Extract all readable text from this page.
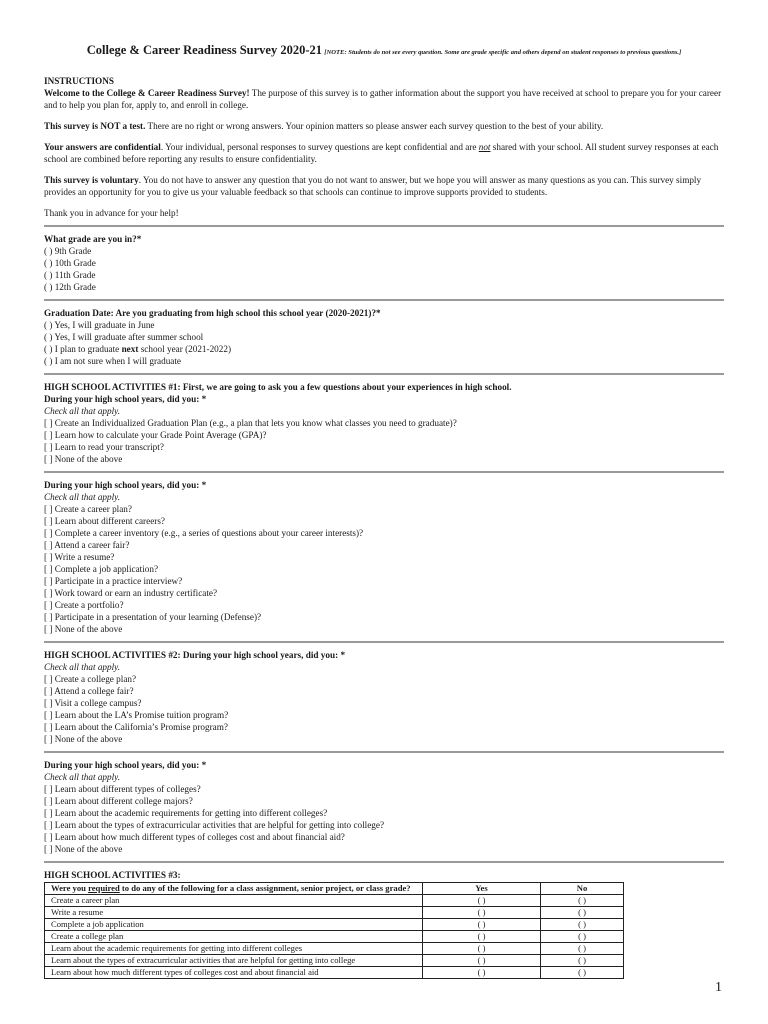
College & Career Readiness Survey 2020-21 [NOTE: Students do not see every question. Some are grade specific and others depend on student responses to previous questions.]
INSTRUCTIONS

Welcome to the College & Career Readiness Survey! The purpose of this survey is to gather information about the support you have received at school to prepare you for your career and to help you plan for, apply to, and enroll in college.

This survey is NOT a test. There are no right or wrong answers. Your opinion matters so please answer each survey question to the best of your ability.

Your answers are confidential. Your individual, personal responses to survey questions are kept confidential and are not shared with your school. All student survey responses at each school are combined before reporting any results to ensure confidentiality.

This survey is voluntary. You do not have to answer any question that you do not want to answer, but we hope you will answer as many questions as you can. This survey simply provides an opportunity for you to give us your valuable feedback so that schools can continue to improve supports provided to students.

Thank you in advance for your help!

What grade are you in?*
( ) 9th Grade
( ) 10th Grade
( ) 11th Grade
( ) 12th Grade
Graduation Date: Are you graduating from high school this school year (2020-2021)?*
( ) Yes, I will graduate in June
( ) Yes, I will graduate after summer school
( ) I plan to graduate next school year (2021-2022)
( ) I am not sure when I will graduate
HIGH SCHOOL ACTIVITIES #1: First, we are going to ask you a few questions about your experiences in high school.
During your high school years, did you: *
Check all that apply.
[ ] Create an Individualized Graduation Plan (e.g., a plan that lets you know what classes you need to graduate)?
[ ] Learn how to calculate your Grade Point Average (GPA)?
[ ] Learn to read your transcript?
[ ] None of the above
During your high school years, did you: *
Check all that apply.
[ ] Create a career plan?
[ ] Learn about different careers?
[ ] Complete a career inventory (e.g., a series of questions about your career interests)?
[ ] Attend a career fair?
[ ] Write a resume?
[ ] Complete a job application?
[ ] Participate in a practice interview?
[ ] Work toward or earn an industry certificate?
[ ] Create a portfolio?
[ ] Participate in a presentation of your learning (Defense)?
[ ] None of the above
HIGH SCHOOL ACTIVITIES #2: During your high school years, did you: *
Check all that apply.
[ ] Create a college plan?
[ ] Attend a college fair?
[ ] Visit a college campus?
[ ] Learn about the LA’s Promise tuition program?
[ ] Learn about the California’s Promise program?
[ ] None of the above
During your high school years, did you: *
Check all that apply.
[ ] Learn about different types of colleges?
[ ] Learn about different college majors?
[ ] Learn about the academic requirements for getting into different colleges?
[ ] Learn about the types of extracurricular activities that are helpful for getting into college?
[ ] Learn about how much different types of colleges cost and about financial aid?
[ ] None of the above
HIGH SCHOOL ACTIVITIES #3:
Were you required to do any of the following for a class assignment, senior project, or class grade?	Yes	No
Create a career plan	( )	( )
Write a resume	( )	( )
Complete a job application	( )	( )
Create a college plan	( )	( )
Learn about the academic requirements for getting into different colleges	( )	( )
Learn about the types of extracurricular activities that are helpful for getting into college	( )	( )
Learn about how much different types of colleges cost and about financial aid	( )	( )
1
